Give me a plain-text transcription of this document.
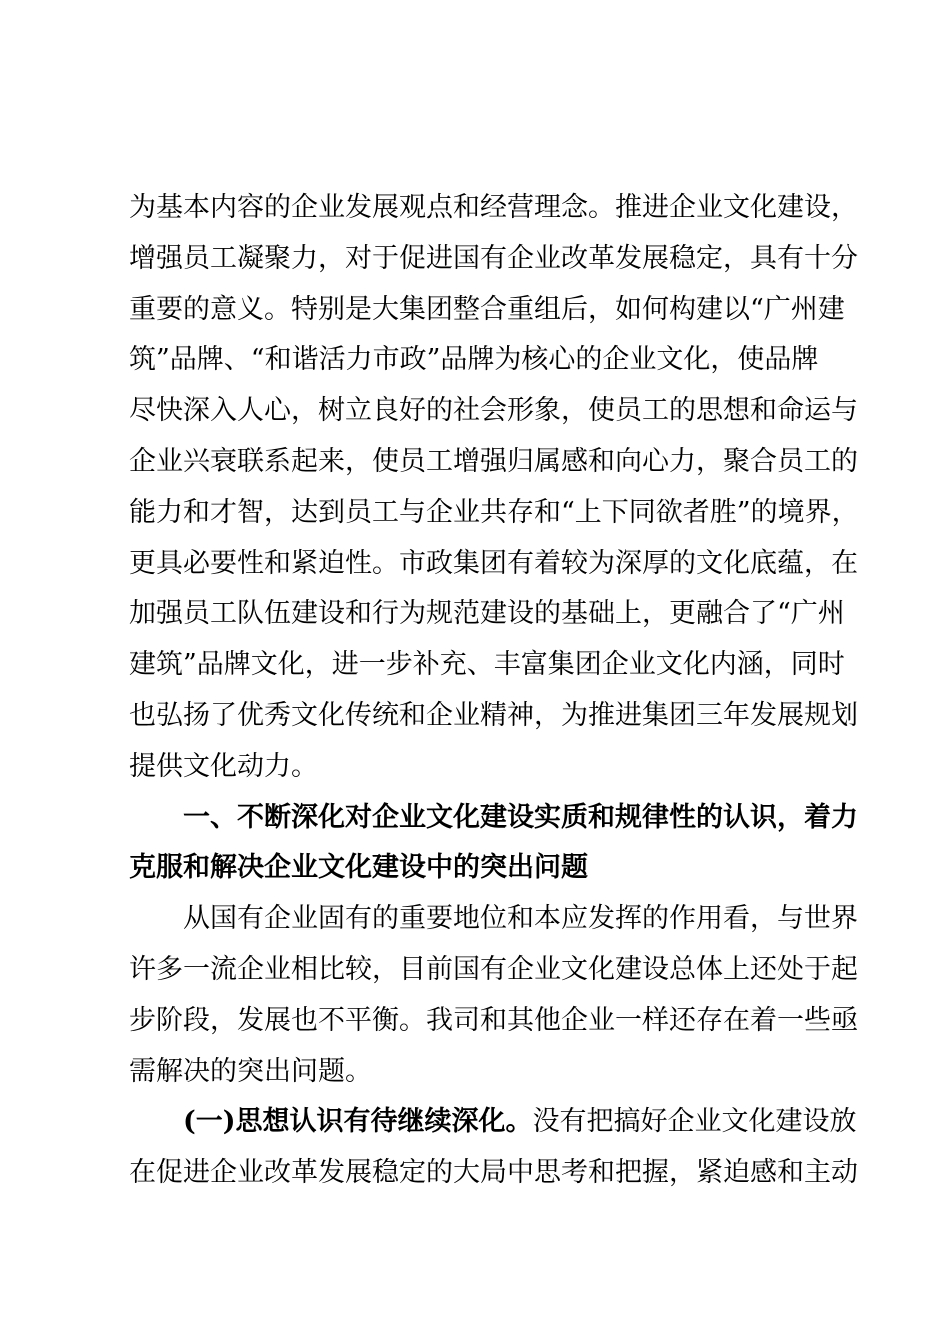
为基本内容的企业发展观点和经营理念。推进企业文化建设，
增强员工凝聚力，对于促进国有企业改革发展稳定，具有十分
重要的意义。特别是大集团整合重组后，如何构建以“广州建
筑”品牌、“和谐活力市政”品牌为核心的企业文化，使品牌
尽快深入人心，树立良好的社会形象，使员工的思想和命运与
企业兴衰联系起来，使员工增强归属感和向心力，聚合员工的
能力和才智，达到员工与企业共存和“上下同欲者胜”的境界，
更具必要性和紧迫性。市政集团有着较为深厚的文化底蕴，在
加强员工队伍建设和行为规范建设的基础上，更融合了“广州
建筑”品牌文化，进一步补充、丰富集团企业文化内涵，同时
也弘扬了优秀文化传统和企业精神，为推进集团三年发展规划
提供文化动力。
一、不断深化对企业文化建设实质和规律性的认识，着力
克服和解决企业文化建设中的突出问题
从国有企业固有的重要地位和本应发挥的作用看，与世界
许多一流企业相比较，目前国有企业文化建设总体上还处于起
步阶段，发展也不平衡。我司和其他企业一样还存在着一些亟
需解决的突出问题。
(一)思想认识有待继续深化。没有把搞好企业文化建设放
在促进企业改革发展稳定的大局中思考和把握，紧迫感和主动
